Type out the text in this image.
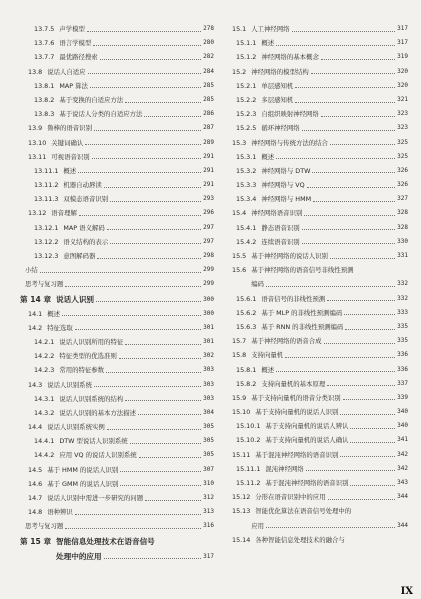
13.7.5 声学模型	278
13.7.6 语言学模型	280
13.7.7 最优路径搜索	282
13.8 说话人自适应	284
13.8.1 MAP 算法	285
13.8.2 基于变换的自适应方法	285
13.8.3 基于说话人分类的自适应方法	286
13.9 鲁棒的语音识别	287
13.10 关键词确认	289
13.11 可视语音识别	291
13.11.1 概述	291
13.11.2 机器自动唇读	291
13.11.3 双模态语音识别	293
13.12 语音理解	296
13.12.1 MAP 语义解码	297
13.12.2 语义结构的表示	297
13.12.3 意图解码器	298
小结	299
思考与复习题	299
第 14 章 说话人识别	300
14.1 概述	300
14.2 特征选取	301
14.2.1 说话人识别所用的特征	301
14.2.2 特征类型的优选准则	302
14.2.3 常用的特征参数	303
14.3 说话人识别系统	303
14.3.1 说话人识别系统的结构	303
14.3.2 说话人识别的基本方法描述	304
14.4 说话人识别系统实例	305
14.4.1 DTW 型说话人识别系统	305
14.4.2 应用 VQ 的说话人识别系统	305
14.5 基于 HMM 的说话人识别	307
14.6 基于 GMM 的说话人识别	310
14.7 说话人识别中需进一步研究的问题	312
14.8 语种辨识	313
思考与复习题	316
第 15 章 智能信息处理技术在语音信号
处理中的应用	317
15.1 人工神经网络	317
15.1.1 概述	317
15.1.2 神经网络的基本概念	319
15.2 神经网络的模型结构	320
15.2.1 单层感知机	320
15.2.2 多层感知机	321
15.2.3 自组织映射神经网络	323
15.2.5 循环神经网络	323
15.3 神经网络与传统方法的结合	325
15.3.1 概述	325
15.3.2 神经网络与 DTW	326
15.3.3 神经网络与 VQ	326
15.3.4 神经网络与 HMM	327
15.4 神经网络语音识别	328
15.4.1 静态语音识别	328
15.4.2 连续语音识别	330
15.5 基于神经网络的说话人识别	331
15.6 基于神经网络的语音信号非线性预测
编码	332
15.6.1 语音信号的非线性预测	332
15.6.2 基于 MLP 的非线性预测编码	333
15.6.3 基于 RNN 的非线性预测编码	335
15.7 基于神经网络的语音合成	335
15.8 支持向量机	336
15.8.1 概述	336
15.8.2 支持向量机的基本原理	337
15.9 基于支持向量机的语音分类识别	339
15.10 基于支持向量机的说话人识别	340
15.10.1 基于支持向量机的说话人辨认	340
15.10.2 基于支持向量机的说话人确认	341
15.11 基于混沌神经网络的语音识别	342
15.11.1 混沌神经网络	342
15.11.2 基于混沌神经网络的语音识别	343
15.12 分形在语音识别中的应用	344
15.13 智能优化算法在语音信号处理中的
应用	344
15.14 各种智能信息处理技术的融合与
IX
